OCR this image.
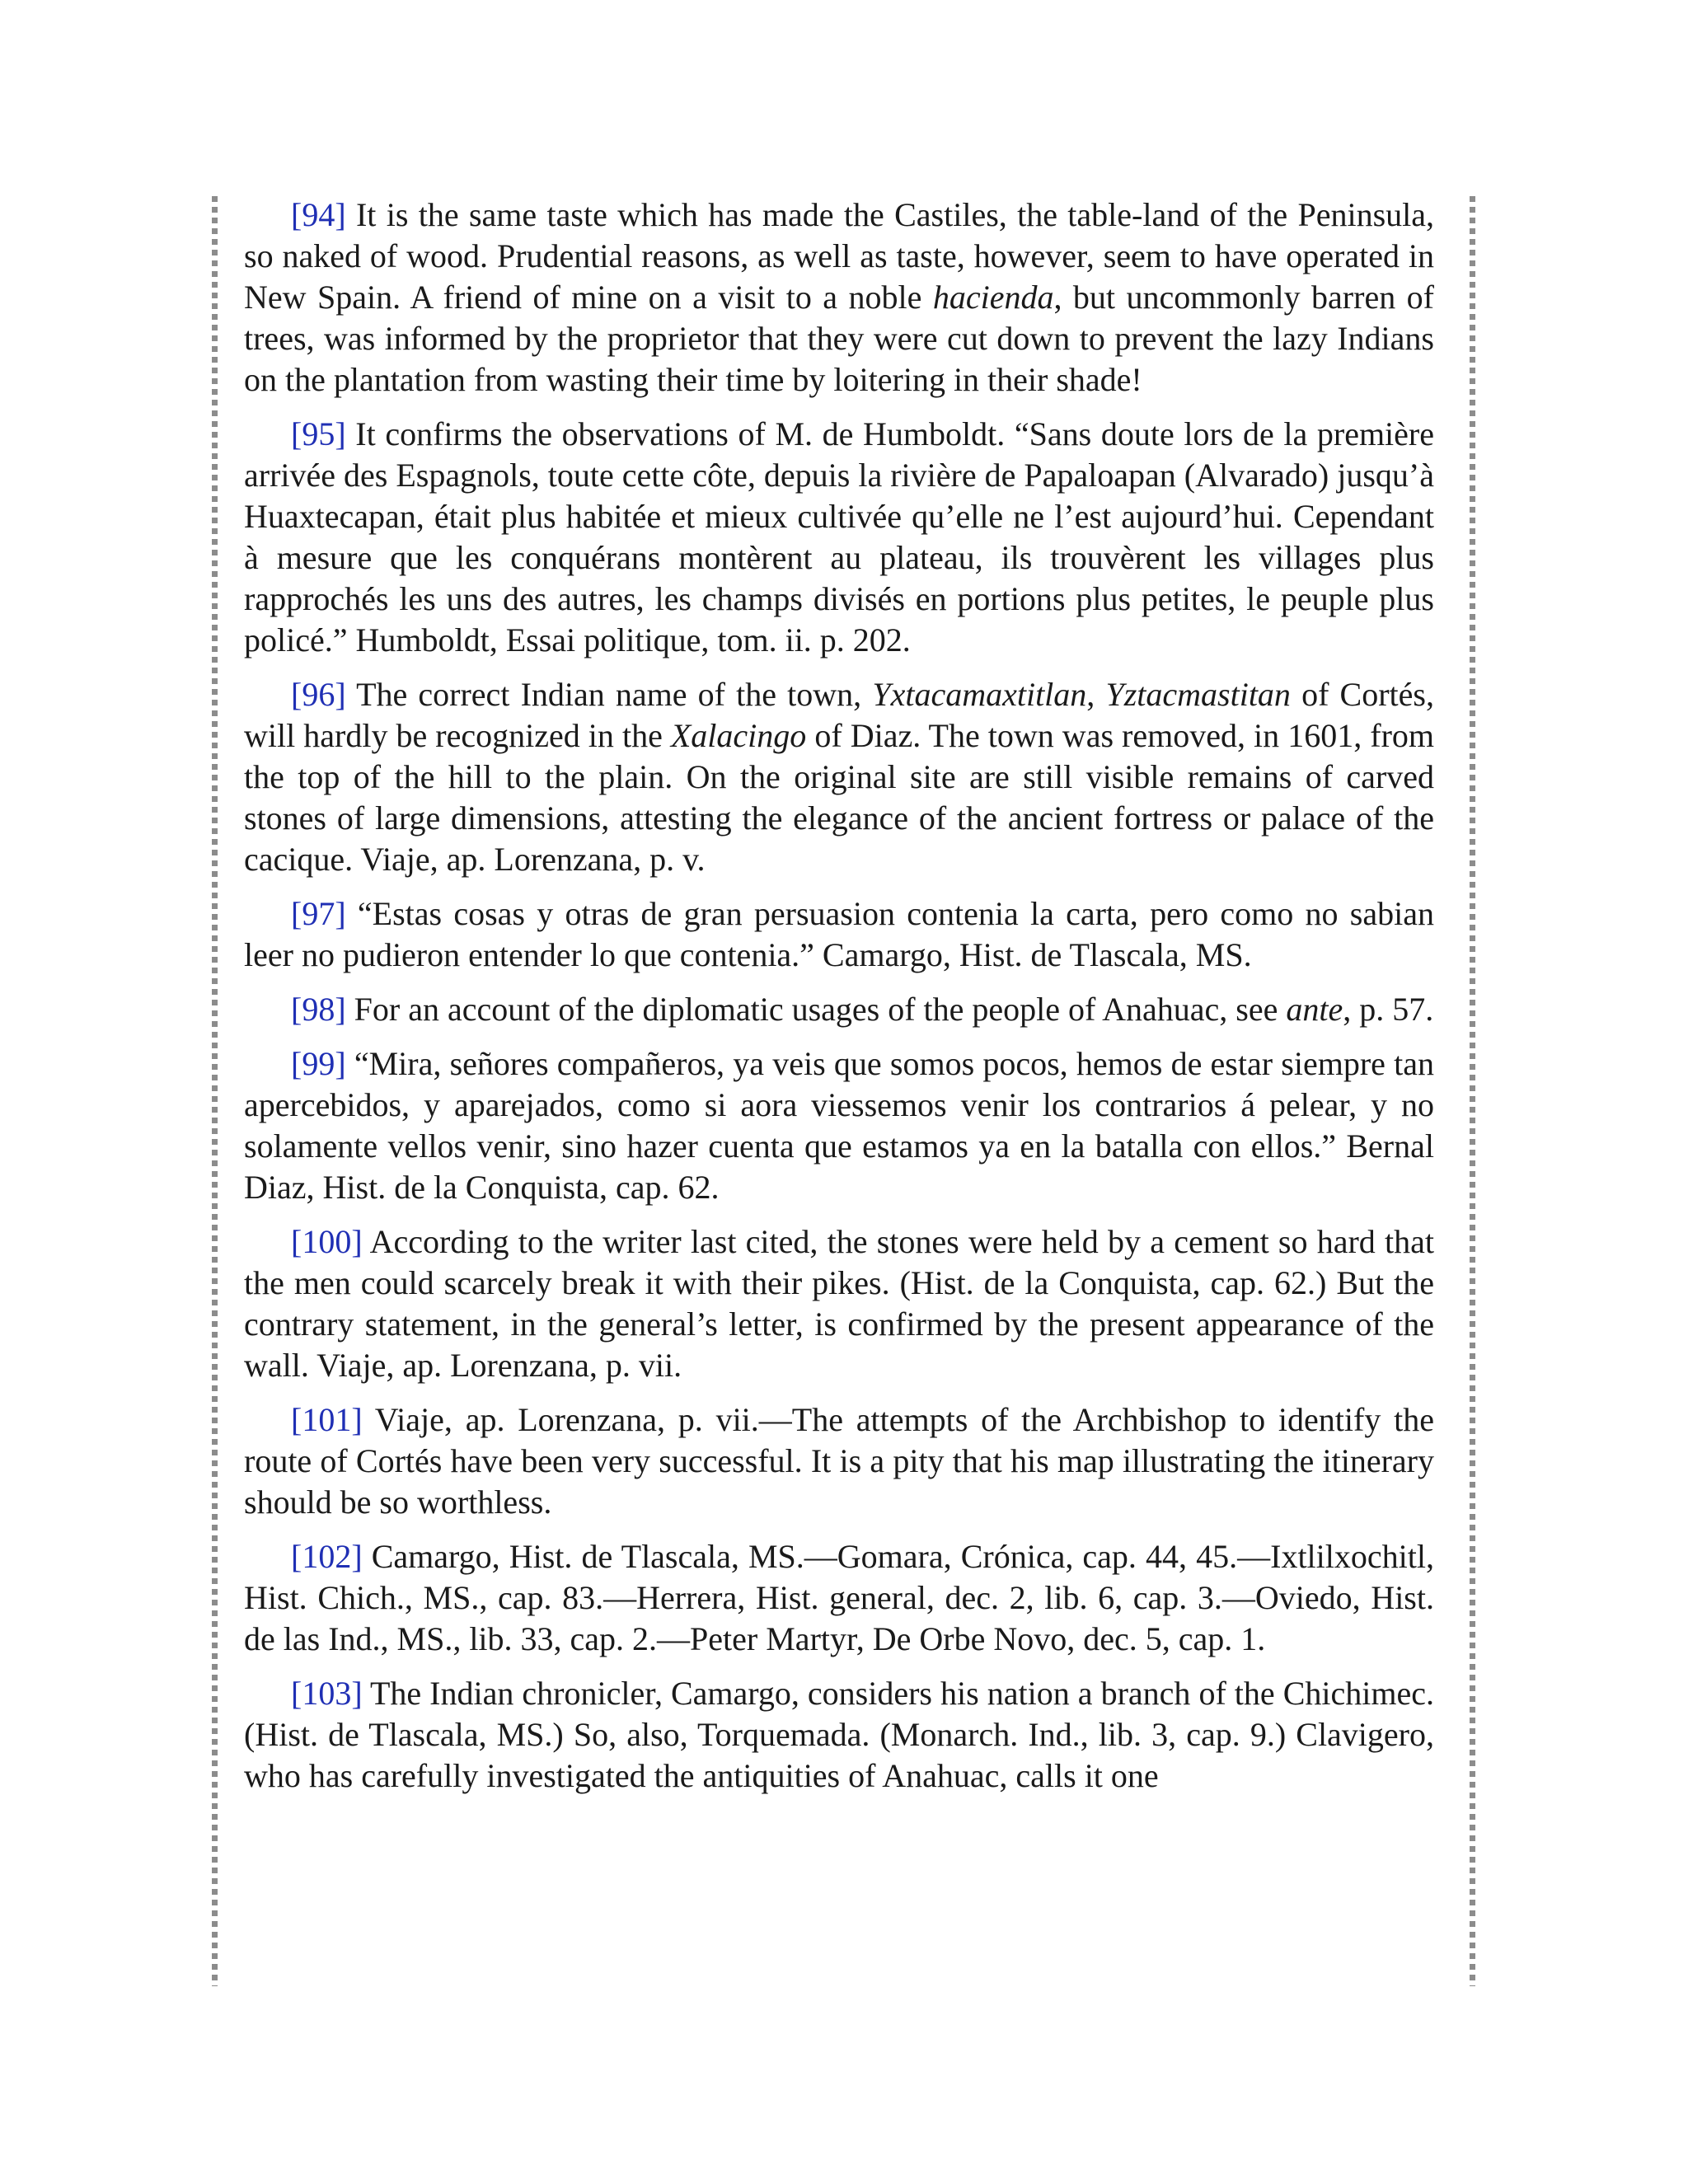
[94] It is the same taste which has made the Castiles, the table-land of the Peninsula, so naked of wood. Prudential reasons, as well as taste, however, seem to have operated in New Spain. A friend of mine on a visit to a noble hacienda, but uncommonly barren of trees, was informed by the proprietor that they were cut down to prevent the lazy Indians on the plantation from wasting their time by loitering in their shade!

[95] It confirms the observations of M. de Humboldt. “Sans doute lors de la première arrivée des Espagnols, toute cette côte, depuis la rivière de Papaloapan (Alvarado) jusqu’à Huaxtecapan, était plus habitée et mieux cultivée qu’elle ne l’est aujourd’hui. Cependant à mesure que les conquérans montèrent au plateau, ils trouvèrent les villages plus rapprochés les uns des autres, les champs divisés en portions plus petites, le peuple plus policé.” Humboldt, Essai politique, tom. ii. p. 202.

[96] The correct Indian name of the town, Yxtacamaxtitlan, Yztacmastitan of Cortés, will hardly be recognized in the Xalacingo of Diaz. The town was removed, in 1601, from the top of the hill to the plain. On the original site are still visible remains of carved stones of large dimensions, attesting the elegance of the ancient fortress or palace of the cacique. Viaje, ap. Lorenzana, p. v.

[97] “Estas cosas y otras de gran persuasion contenia la carta, pero como no sabian leer no pudieron entender lo que contenia.” Camargo, Hist. de Tlascala, MS.

[98] For an account of the diplomatic usages of the people of Anahuac, see ante, p. 57.

[99] “Mira, señores compañeros, ya veis que somos pocos, hemos de estar siempre tan apercebidos, y aparejados, como si aora viessemos venir los contrarios á pelear, y no solamente vellos venir, sino hazer cuenta que estamos ya en la batalla con ellos.” Bernal Diaz, Hist. de la Conquista, cap. 62.

[100] According to the writer last cited, the stones were held by a cement so hard that the men could scarcely break it with their pikes. (Hist. de la Conquista, cap. 62.) But the contrary statement, in the general’s letter, is confirmed by the present appearance of the wall. Viaje, ap. Lorenzana, p. vii.

[101] Viaje, ap. Lorenzana, p. vii.—The attempts of the Archbishop to identify the route of Cortés have been very successful. It is a pity that his map illustrating the itinerary should be so worthless.

[102] Camargo, Hist. de Tlascala, MS.—Gomara, Crónica, cap. 44, 45.—Ixtlilxochitl, Hist. Chich., MS., cap. 83.—Herrera, Hist. general, dec. 2, lib. 6, cap. 3.—Oviedo, Hist. de las Ind., MS., lib. 33, cap. 2.—Peter Martyr, De Orbe Novo, dec. 5, cap. 1.

[103] The Indian chronicler, Camargo, considers his nation a branch of the Chichimec. (Hist. de Tlascala, MS.) So, also, Torquemada. (Monarch. Ind., lib. 3, cap. 9.) Clavigero, who has carefully investigated the antiquities of Anahuac, calls it one
